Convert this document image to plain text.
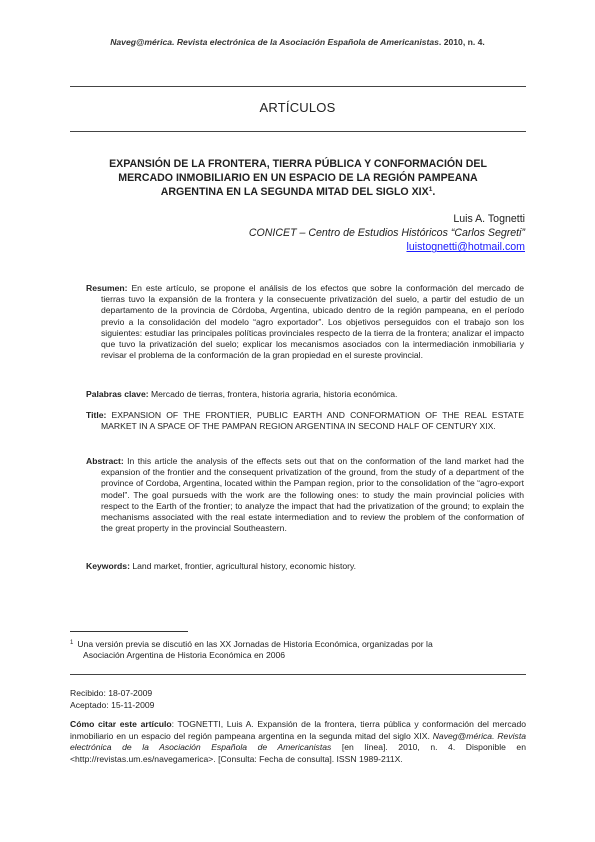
Naveg@mérica. Revista electrónica de la Asociación Española de Americanistas. 2010, n. 4.
ARTÍCULOS
EXPANSIÓN DE LA FRONTERA, TIERRA PÚBLICA Y CONFORMACIÓN DEL MERCADO INMOBILIARIO EN UN ESPACIO DE LA REGIÓN PAMPEANA ARGENTINA EN LA SEGUNDA MITAD DEL SIGLO XIX$^1$.
Luis A. Tognetti
CONICET – Centro de Estudios Históricos “Carlos Segreti”
luistognetti@hotmail.com
Resumen: En este artículo, se propone el análisis de los efectos que sobre la conformación del mercado de tierras tuvo la expansión de la frontera y la consecuente privatización del suelo, a partir del estudio de un departamento de la provincia de Córdoba, Argentina, ubicado dentro de la región pampeana, en el período previo a la consolidación del modelo “agro exportador”. Los objetivos perseguidos con el trabajo son los siguientes: estudiar las principales políticas provinciales respecto de la tierra de la frontera; analizar el impacto que tuvo la privatización del suelo; explicar los mecanismos asociados con la intermediación inmobiliaria y revisar el problema de la conformación de la gran propiedad en el sureste provincial.
Palabras clave: Mercado de tierras, frontera, historia agraria, historia económica.
Title: EXPANSION OF THE FRONTIER, PUBLIC EARTH AND CONFORMATION OF THE REAL ESTATE MARKET IN A SPACE OF THE PAMPAN REGION ARGENTINA IN SECOND HALF OF CENTURY XIX.
Abstract: In this article the analysis of the effects sets out that on the conformation of the land market had the expansion of the frontier and the consequent privatization of the ground, from the study of a department of the province of Cordoba, Argentina, located within the Pampan region, prior to the consolidation of the “agro-export model”. The goal pursueds with the work are the following ones: to study the main provincial policies with respect to the Earth of the frontier; to analyze the impact that had the privatization of the ground; to explain the mechanisms associated with the real estate intermediation and to review the problem of the conformation of the great property in the provincial Southeastern.
Keywords: Land market, frontier, agricultural history, economic history.
$^1$ Una versión previa se discutió en las XX Jornadas de Historia Económica, organizadas por la
Asociación Argentina de Historia Económica en 2006
Recibido: 18-07-2009
Aceptado: 15-11-2009
Cómo citar este artículo: TOGNETTI, Luis A. Expansión de la frontera, tierra pública y conformación del mercado inmobiliario en un espacio del región pampeana argentina en la segunda mitad del siglo XIX. Naveg@mérica. Revista electrónica de la Asociación Española de Americanistas [en línea]. 2010, n. 4. Disponible en <http://revistas.um.es/navegamerica>. [Consulta: Fecha de consulta]. ISSN 1989-211X.
